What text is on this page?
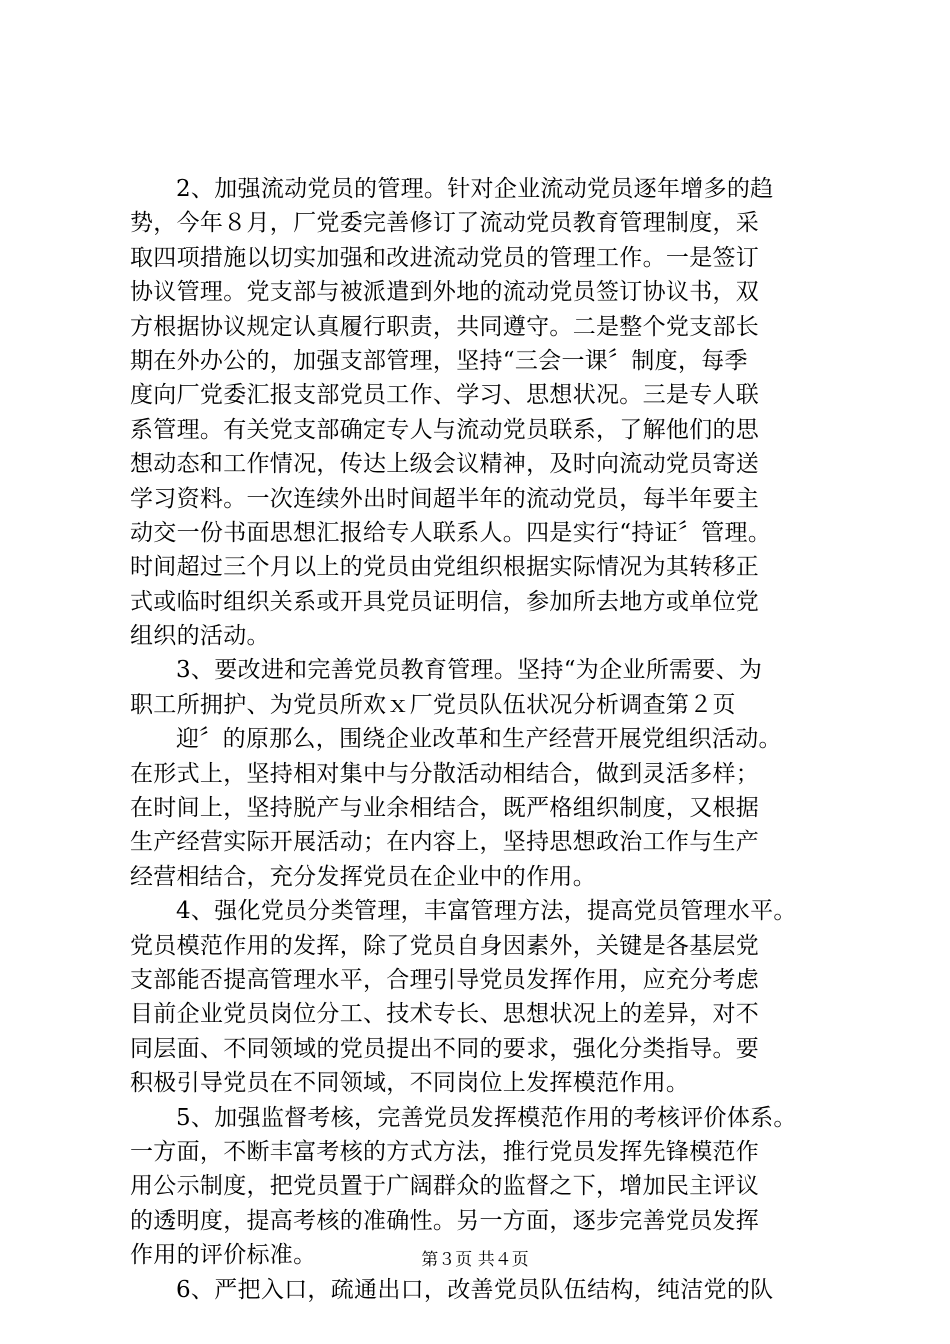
2、加强流动党员的管理。针对企业流动党员逐年增多的趋
势，今年８月，厂党委完善修订了流动党员教育管理制度，采
取四项措施以切实加强和改进流动党员的管理工作。一是签订
协议管理。党支部与被派遣到外地的流动党员签订协议书，双
方根据协议规定认真履行职责，共同遵守。二是整个党支部长
期在外办公的，加强支部管理，坚持“三会一课〞制度，每季
度向厂党委汇报支部党员工作、学习、思想状况。三是专人联
系管理。有关党支部确定专人与流动党员联系，了解他们的思
想动态和工作情况，传达上级会议精神，及时向流动党员寄送
学习资料。一次连续外出时间超半年的流动党员，每半年要主
动交一份书面思想汇报给专人联系人。四是实行“持证〞管理。
时间超过三个月以上的党员由党组织根据实际情况为其转移正
式或临时组织关系或开具党员证明信，参加所去地方或单位党
组织的活动。
3、要改进和完善党员教育管理。坚持“为企业所需要、为
职工所拥护、为党员所欢ｘ厂党员队伍状况分析调查第２页
迎〞的原那么，围绕企业改革和生产经营开展党组织活动。
在形式上，坚持相对集中与分散活动相结合，做到灵活多样；
在时间上，坚持脱产与业余相结合，既严格组织制度，又根据
生产经营实际开展活动；在内容上，坚持思想政治工作与生产
经营相结合，充分发挥党员在企业中的作用。
4、强化党员分类管理，丰富管理方法，提高党员管理水平。
党员模范作用的发挥，除了党员自身因素外，关键是各基层党
支部能否提高管理水平，合理引导党员发挥作用，应充分考虑
目前企业党员岗位分工、技术专长、思想状况上的差异，对不
同层面、不同领域的党员提出不同的要求，强化分类指导。要
积极引导党员在不同领域，不同岗位上发挥模范作用。
5、加强监督考核，完善党员发挥模范作用的考核评价体系。
一方面，不断丰富考核的方式方法，推行党员发挥先锋模范作
用公示制度，把党员置于广阔群众的监督之下，增加民主评议
的透明度，提高考核的准确性。另一方面，逐步完善党员发挥
作用的评价标准。
6、严把入口，疏通出口，改善党员队伍结构，纯洁党的队
第３页 共４页
